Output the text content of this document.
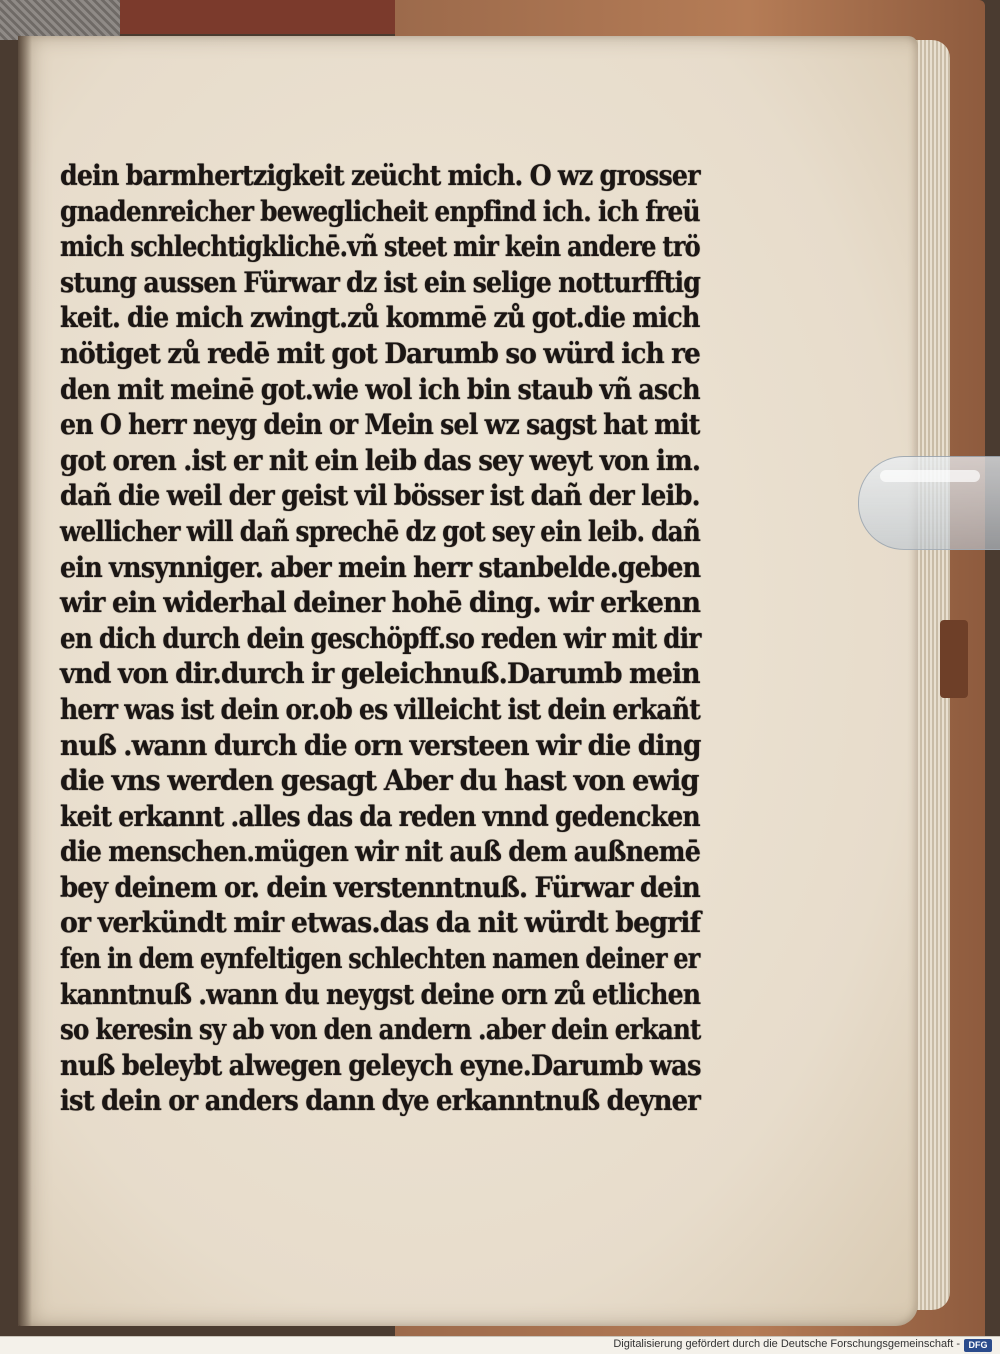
dein barmhertzigkeit zeücht mich. O wz grosser
gnadenreicher beweglicheit enpfind ich. ich freü
mich schlechtigklichē.vñ steet mir kein andere trö
stung aussen Fürwar dz ist ein selige notturfftig
keit. die mich zwingt.zů kommē zů got.die mich
nötiget zů redē mit got Darumb so würd ich re
den mit meinē got.wie wol ich bin staub vñ asch
en O herr neyg dein or Mein sel wz sagst hat mit
got oren .ist er nit ein leib das sey weyt von im.
dañ die weil der geist vil bösser ist dañ der leib.
wellicher will dañ sprechē dz got sey ein leib. dañ
ein vnsynniger. aber mein herr stanbelde.geben
wir ein widerhal deiner hohē ding. wir erkenn
en dich durch dein geschöpff.so reden wir mit dir
vnd von dir.durch ir geleichnuß.Darumb mein
herr was ist dein or.ob es villeicht ist dein erkañt
nuß .wann durch die orn versteen wir die ding
die vns werden gesagt Aber du hast von ewig
keit erkannt .alles das da reden vnnd gedencken
die menschen.mügen wir nit auß dem außnemē
bey deinem or. dein verstenntnuß. Fürwar dein
or verkündt mir etwas.das da nit würdt begrif
fen in dem eynfeltigen schlechten namen deiner er
kanntnuß .wann du neygst deine orn zů etlichen
so keresin sy ab von den andern .aber dein erkant
nuß beleybt alwegen geleych eyne.Darumb was
ist dein or anders dann dye erkanntnuß deyner
Digitalisierung gefördert durch die Deutsche Forschungsgemeinschaft - DFG
